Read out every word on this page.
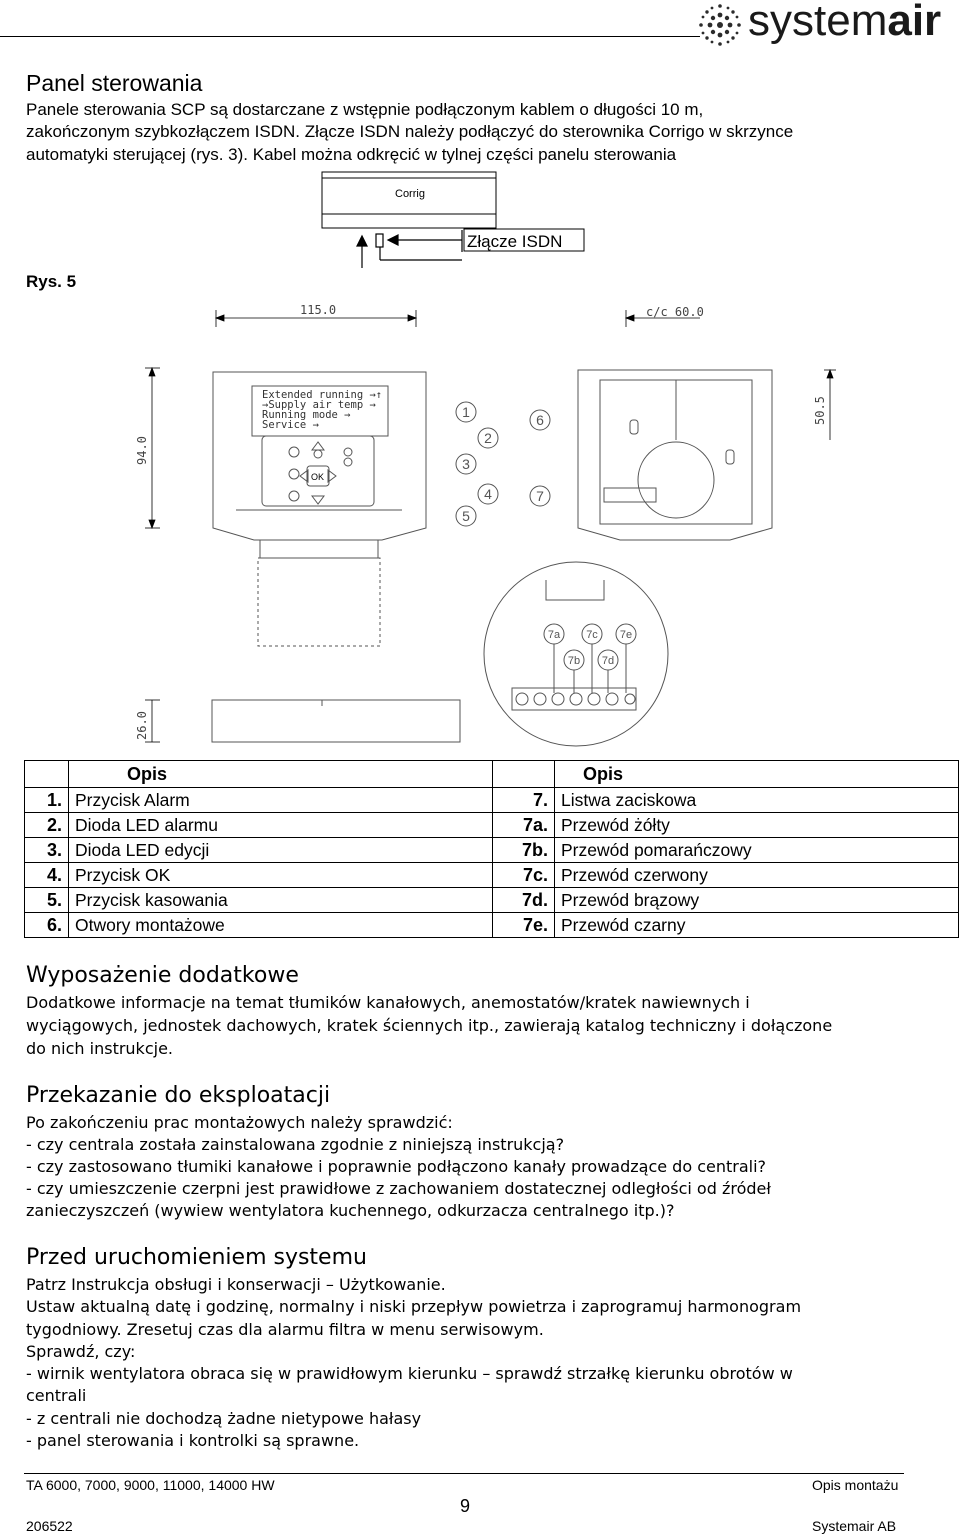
systemair
Panel sterowania
Panele sterowania SCP są dostarczane z wstępnie podłączonym kablem o długości 10 m,
zakończonym szybkozłączem ISDN. Złącze ISDN należy podłączyć do sterownika Corrigo w skrzynce
automatyki sterującej (rys. 3). Kabel można odkręcić w tylnej części panelu sterowania
Rys. 5
Corrig
Złącze ISDN
115.0	c/c 60.0
94.0
OK
Extended running →↑
→Supply air temp →
Running mode →
Service →
1
2
3
4
5
6
7
50.5
26.0
7a 7c 7e
7b 7d
	Opis		Opis
1.	Przycisk Alarm	7.	Listwa zaciskowa
2.	Dioda LED alarmu	7a.	Przewód żółty
3.	Dioda LED edycji	7b.	Przewód pomarańczowy
4.	Przycisk OK	7c.	Przewód czerwony
5.	Przycisk kasowania	7d.	Przewód brązowy
6.	Otwory montażowe	7e.	Przewód czarny
Wyposażenie dodatkowe
Dodatkowe informacje na temat tłumików kanałowych, anemostatów/kratek nawiewnych i
wyciągowych, jednostek dachowych, kratek ściennych itp., zawierają katalog techniczny i dołączone
do nich instrukcje.
Przekazanie do eksploatacji
Po zakończeniu prac montażowych należy sprawdzić:
- czy centrala została zainstalowana zgodnie z niniejszą instrukcją?
- czy zastosowano tłumiki kanałowe i poprawnie podłączono kanały prowadzące do centrali?
- czy umieszczenie czerpni jest prawidłowe z zachowaniem dostatecznej odległości od źródeł
zanieczyszczeń (wywiew wentylatora kuchennego, odkurzacza centralnego itp.)?
Przed uruchomieniem systemu
Patrz Instrukcja obsługi i konserwacji – Użytkowanie.
Ustaw aktualną datę i godzinę, normalny i niski przepływ powietrza i zaprogramuj harmonogram
tygodniowy. Zresetuj czas dla alarmu filtra w menu serwisowym.
Sprawdź, czy:
- wirnik wentylatora obraca się w prawidłowym kierunku – sprawdź strzałkę kierunku obrotów w
centrali
- z centrali nie dochodzą żadne nietypowe hałasy
- panel sterowania i kontrolki są sprawne.
TA 6000, 7000, 9000, 11000, 14000 HW	Opis montażu
9
206522	Systemair AB
